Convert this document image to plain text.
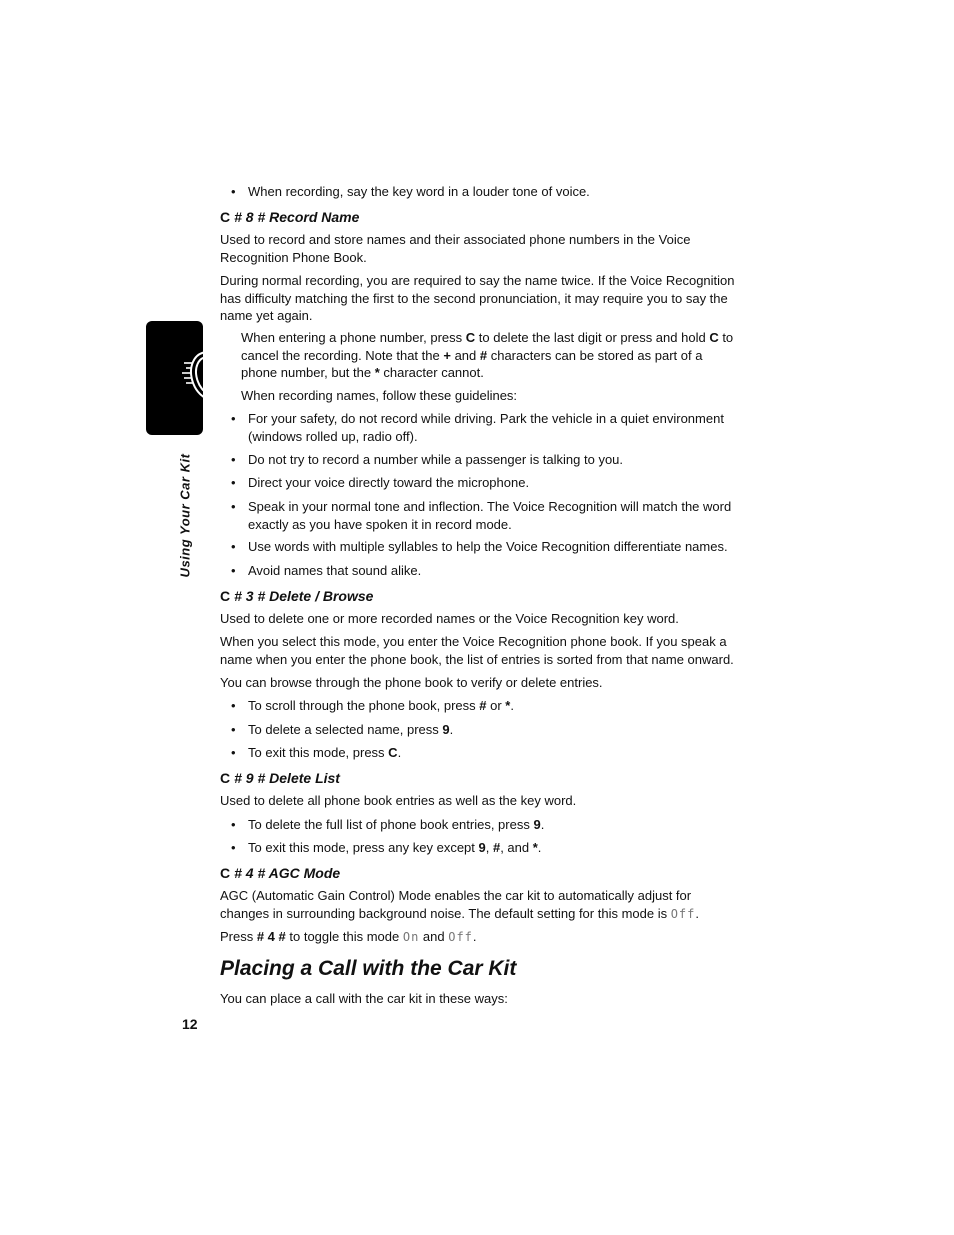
Using Your Car Kit
• When recording, say the key word in a louder tone of voice.
C # 8 # Record Name
Used to record and store names and their associated phone numbers in the Voice Recognition Phone Book.
During normal recording, you are required to say the name twice. If the Voice Recognition has difficulty matching the first to the second pronunciation, it may require you to say the name yet again.
When entering a phone number, press C to delete the last digit or press and hold C to cancel the recording. Note that the + and # characters can be stored as part of a phone number, but the * character cannot.
When recording names, follow these guidelines:
• For your safety, do not record while driving. Park the vehicle in a quiet environment (windows rolled up, radio off).
• Do not try to record a number while a passenger is talking to you.
• Direct your voice directly toward the microphone.
• Speak in your normal tone and inflection. The Voice Recognition will match the word exactly as you have spoken it in record mode.
• Use words with multiple syllables to help the Voice Recognition differentiate names.
• Avoid names that sound alike.
C # 3 # Delete / Browse
Used to delete one or more recorded names or the Voice Recognition key word.
When you select this mode, you enter the Voice Recognition phone book. If you speak a name when you enter the phone book, the list of entries is sorted from that name onward.
You can browse through the phone book to verify or delete entries.
• To scroll through the phone book, press # or *.
• To delete a selected name, press 9.
• To exit this mode, press C.
C # 9 # Delete List
Used to delete all phone book entries as well as the key word.
• To delete the full list of phone book entries, press 9.
• To exit this mode, press any key except 9, #, and *.
C # 4 # AGC Mode
AGC (Automatic Gain Control) Mode enables the car kit to automatically adjust for changes in surrounding background noise. The default setting for this mode is Off.
Press # 4 # to toggle this mode On and Off.
Placing a Call with the Car Kit
You can place a call with the car kit in these ways:
12
